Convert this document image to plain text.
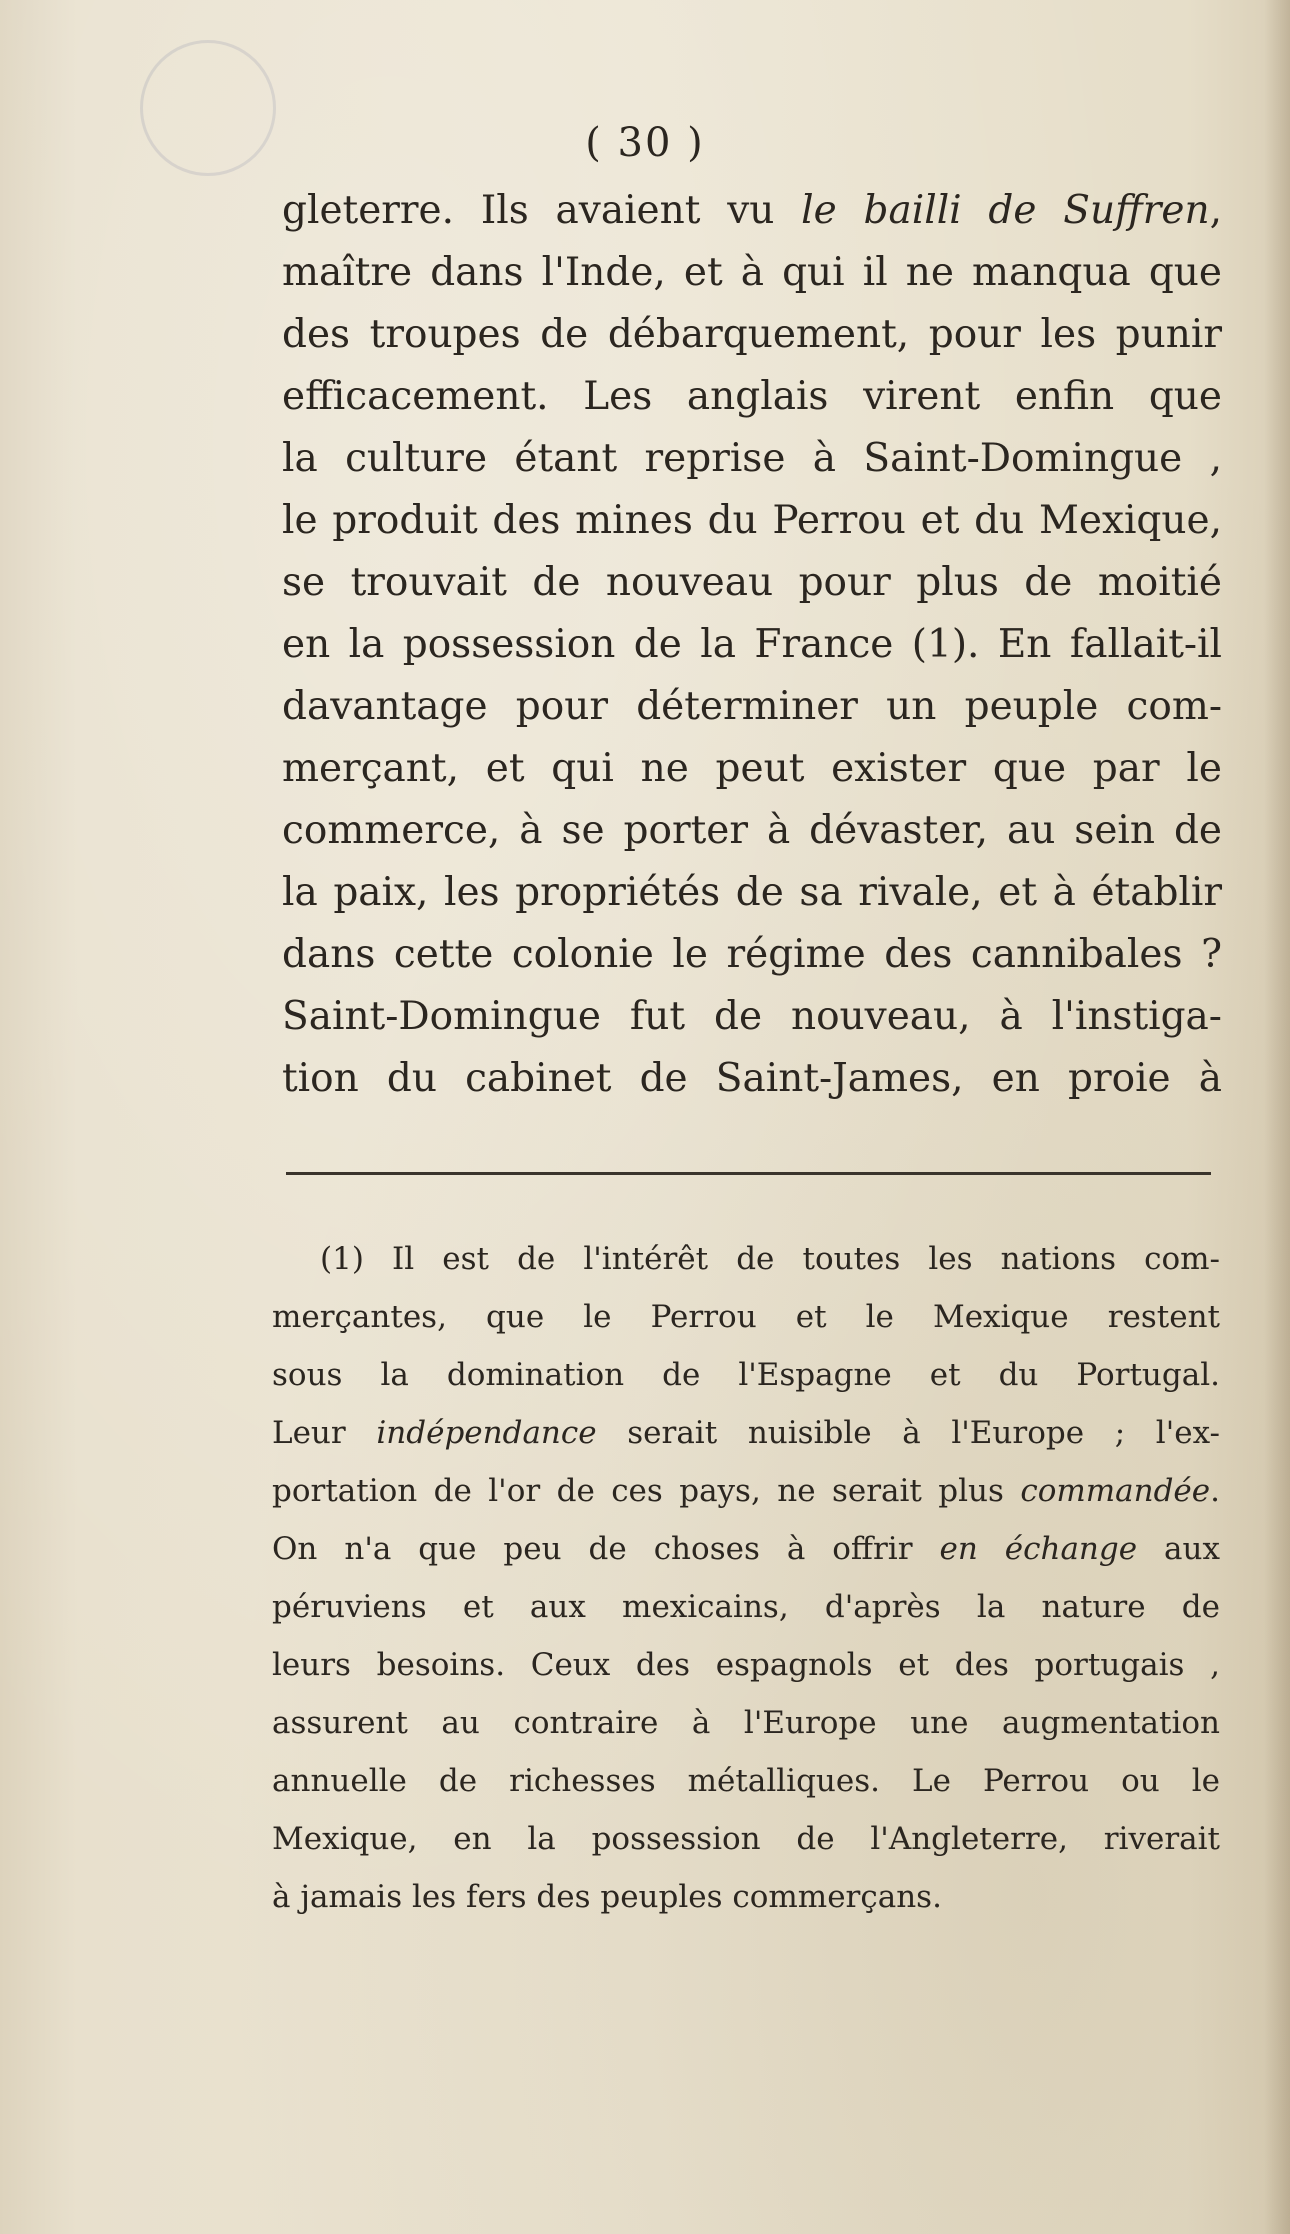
( 30 )
gleterre. Ils avaient vu le bailli de Suffren,
maître dans l'Inde, et à qui il ne manqua que
des troupes de débarquement, pour les punir
efficacement. Les anglais virent enfin que
la culture étant reprise à Saint-Domingue ,
le produit des mines du Perrou et du Mexique,
se trouvait de nouveau pour plus de moitié
en la possession de la France (1). En fallait-il
davantage pour déterminer un peuple com-
merçant, et qui ne peut exister que par le
commerce, à se porter à dévaster, au sein de
la paix, les propriétés de sa rivale, et à établir
dans cette colonie le régime des cannibales ?
Saint-Domingue fut de nouveau, à l'instiga-
tion du cabinet de Saint-James, en proie à
(1) Il est de l'intérêt de toutes les nations com-
merçantes, que le Perrou et le Mexique restent
sous la domination de l'Espagne et du Portugal.
Leur indépendance serait nuisible à l'Europe ; l'ex-
portation de l'or de ces pays, ne serait plus commandée.
On n'a que peu de choses à offrir en échange aux
péruviens et aux mexicains, d'après la nature de
leurs besoins. Ceux des espagnols et des portugais ,
assurent au contraire à l'Europe une augmentation
annuelle de richesses métalliques. Le Perrou ou le
Mexique, en la possession de l'Angleterre, riverait
à jamais les fers des peuples commerçans.
